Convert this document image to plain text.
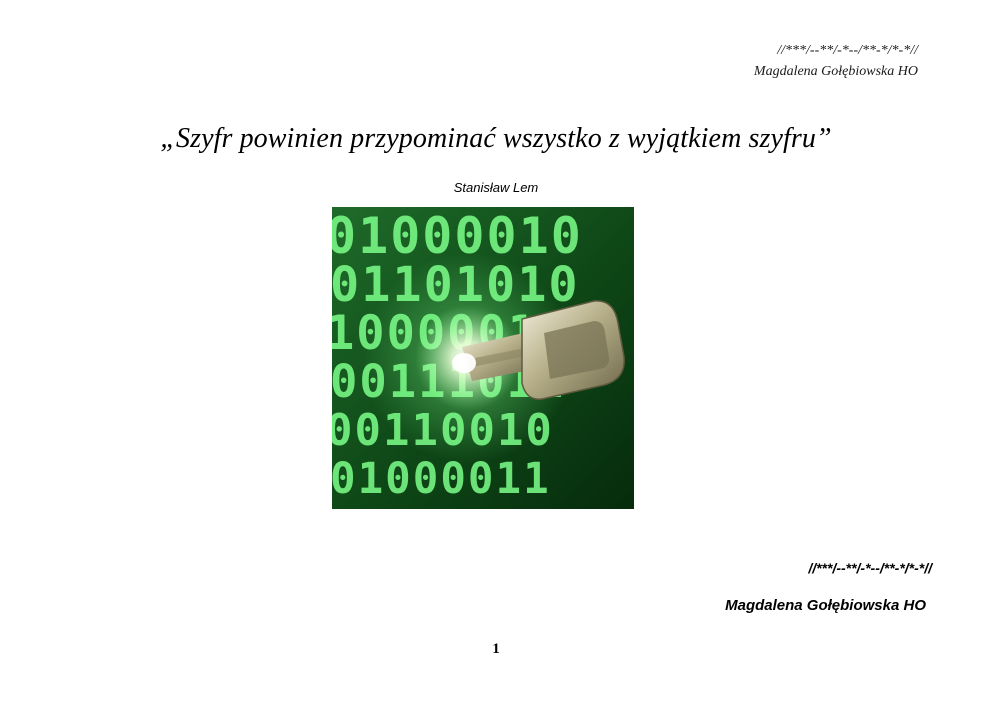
//***/--**/-*--/**-*/*-*//
Magdalena Gołębiowska HO
„Szyfr powinien przypominać wszystko z wyjątkiem szyfru”
Stanisław Lem
//***/--**/-*--/**-*/*-*//
Magdalena Gołębiowska HO
1
